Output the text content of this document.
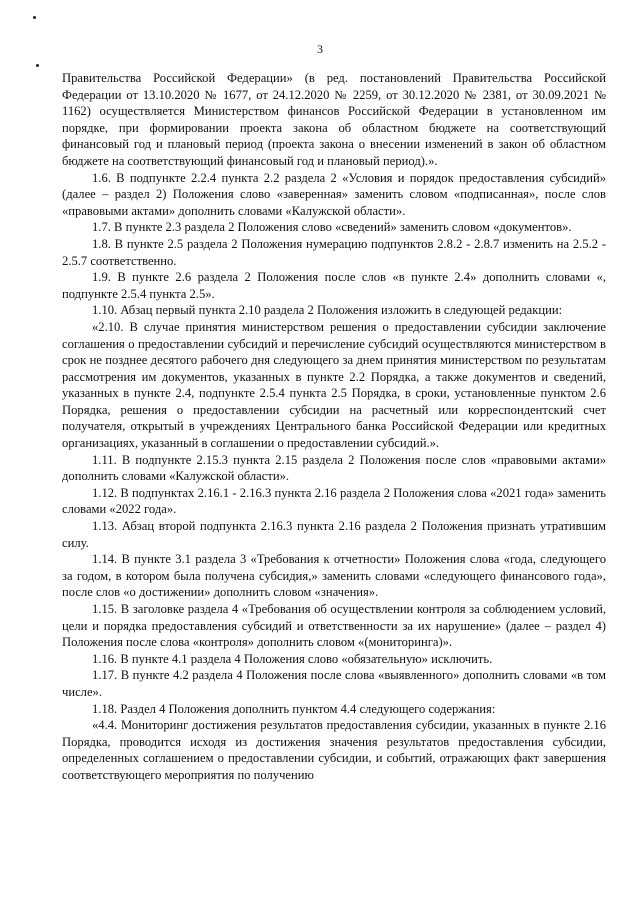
3

Правительства Российской Федерации» (в ред. постановлений Правительства Российской Федерации от 13.10.2020 № 1677, от 24.12.2020 № 2259, от 30.12.2020 № 2381, от 30.09.2021 № 1162) осуществляется Министерством финансов Российской Федерации в установленном им порядке, при формировании проекта закона об областном бюджете на соответствующий финансовый год и плановый период (проекта закона о внесении изменений в закон об областном бюджете на соответствующий финансовый год и плановый период).».

1.6. В подпункте 2.2.4 пункта 2.2 раздела 2 «Условия и порядок предоставления субсидий» (далее – раздел 2) Положения слово «заверенная» заменить словом «подписанная», после слов «правовыми актами» дополнить словами «Калужской области».

1.7. В пункте 2.3 раздела 2 Положения слово «сведений» заменить словом «документов».

1.8. В пункте 2.5 раздела 2 Положения нумерацию подпунктов 2.8.2 - 2.8.7 изменить на 2.5.2 - 2.5.7 соответственно.

1.9. В пункте 2.6 раздела 2 Положения после слов «в пункте 2.4» дополнить словами «, подпункте 2.5.4 пункта 2.5».

1.10. Абзац первый пункта 2.10 раздела 2 Положения изложить в следующей редакции:

«2.10. В случае принятия министерством решения о предоставлении субсидии заключение соглашения о предоставлении субсидий и перечисление субсидий осуществляются министерством в срок не позднее десятого рабочего дня следующего за днем принятия министерством по результатам рассмотрения им документов, указанных в пункте 2.2 Порядка, а также документов и сведений, указанных в пункте 2.4, подпункте 2.5.4 пункта 2.5 Порядка, в сроки, установленные пунктом 2.6 Порядка, решения о предоставлении субсидии на расчетный или корреспондентский счет получателя, открытый в учреждениях Центрального банка Российской Федерации или кредитных организациях, указанный в соглашении о предоставлении субсидий.».

1.11. В подпункте 2.15.3 пункта 2.15 раздела 2 Положения после слов «правовыми актами» дополнить словами «Калужской области».

1.12. В подпунктах 2.16.1 - 2.16.3 пункта 2.16 раздела 2 Положения слова «2021 года» заменить словами «2022 года».

1.13. Абзац второй подпункта 2.16.3 пункта 2.16 раздела 2 Положения признать утратившим силу.

1.14. В пункте 3.1 раздела 3 «Требования к отчетности» Положения слова «года, следующего за годом, в котором была получена субсидия,» заменить словами «следующего финансового года», после слов «о достижении» дополнить словом «значения».

1.15. В заголовке раздела 4 «Требования об осуществлении контроля за соблюдением условий, цели и порядка предоставления субсидий и ответственности за их нарушение» (далее – раздел 4) Положения после слова «контроля» дополнить словом «(мониторинга)».

1.16. В пункте 4.1 раздела 4 Положения слово «обязательную» исключить.

1.17. В пункте 4.2 раздела 4 Положения после слова «выявленного» дополнить словами «в том числе».

1.18. Раздел 4 Положения дополнить пунктом 4.4 следующего содержания:

«4.4. Мониторинг достижения результатов предоставления субсидии, указанных в пункте 2.16 Порядка, проводится исходя из достижения значения результатов предоставления субсидии, определенных соглашением о предоставлении субсидии, и событий, отражающих факт завершения соответствующего мероприятия по получению
